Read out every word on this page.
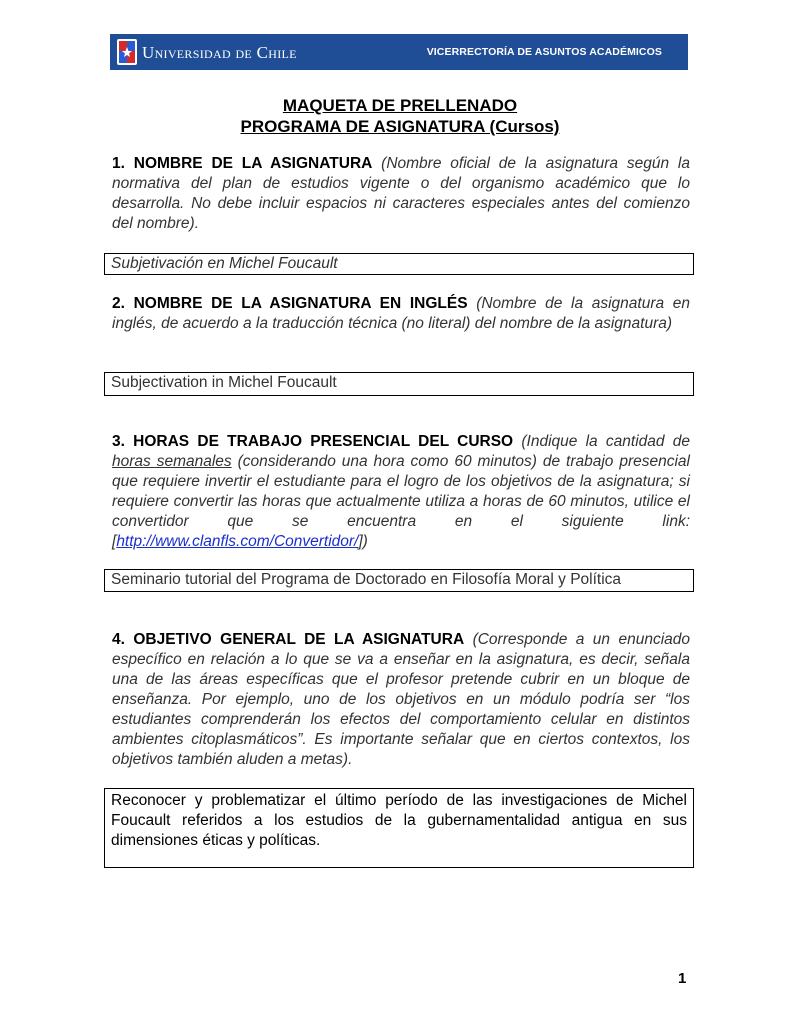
Universidad de Chile	VICERRECTORÍA DE ASUNTOS ACADÉMICOS
MAQUETA DE PRELLENADO
PROGRAMA DE ASIGNATURA (Cursos)
1. NOMBRE DE LA ASIGNATURA (Nombre oficial de la asignatura según la normativa del plan de estudios vigente o del organismo académico que lo desarrolla. No debe incluir espacios ni caracteres especiales antes del comienzo del nombre).
Subjetivación en Michel Foucault
2. NOMBRE DE LA ASIGNATURA EN INGLÉS (Nombre de la asignatura en inglés, de acuerdo a la traducción técnica (no literal) del nombre de la asignatura)
Subjectivation in Michel Foucault
3. HORAS DE TRABAJO PRESENCIAL DEL CURSO (Indique la cantidad de horas semanales (considerando una hora como 60 minutos) de trabajo presencial que requiere invertir el estudiante para el logro de los objetivos de la asignatura; si requiere convertir las horas que actualmente utiliza a horas de 60 minutos, utilice el convertidor que se encuentra en el siguiente link: [http://www.clanfls.com/Convertidor/])
Seminario tutorial del Programa de Doctorado en Filosofía Moral y Política
4. OBJETIVO GENERAL DE LA ASIGNATURA (Corresponde a un enunciado específico en relación a lo que se va a enseñar en la asignatura, es decir, señala una de las áreas específicas que el profesor pretende cubrir en un bloque de enseñanza. Por ejemplo, uno de los objetivos en un módulo podría ser “los estudiantes comprenderán los efectos del comportamiento celular en distintos ambientes citoplasmáticos”. Es importante señalar que en ciertos contextos, los objetivos también aluden a metas).
Reconocer y problematizar el último período de las investigaciones de Michel Foucault referidos a los estudios de la gubernamentalidad antigua en sus dimensiones éticas y políticas.
1
